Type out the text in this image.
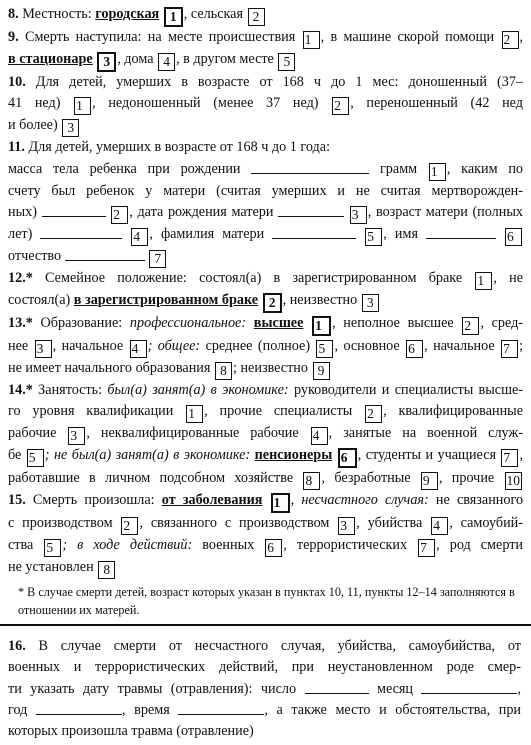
8. Местность: городская 1 , сельская 2

9. Смерть наступила: на месте происшествия 1 , в машине скорой помощи 2 ,
в стационаре 3 , дома 4 , в другом месте 5

10. Для детей, умерших в возрасте от 168 ч до 1 мес: доношенный (37–
41 нед) 1 , недоношенный (менее 37 нед) 2 , переношенный (42 нед
и более) 3

11. Для детей, умерших в возрасте от 168 ч до 1 года:
масса тела ребенка при рождении	грамм 1 , каким по
счету был ребенок у матери (считая умерших и не считая мертворожден-
ных)	2 , дата рождения матери	3 , возраст матери (полных
лет)	4 , фамилия матери	5 , имя	6
отчество	7

12.* Семейное положение: состоял(а) в зарегистрированном браке 1 , не
состоял(а) в зарегистрированном браке 2 , неизвестно 3

13.* Образование: профессиональное: высшее 1 , неполное высшее 2 , сред-
нее 3 , начальное 4 ; общее: среднее (полное) 5 , основное 6 , начальное 7 ;
не имеет начального образования 8 ; неизвестно 9

14.* Занятость: был(а) занят(а) в экономике: руководители и специалисты высше-
го уровня квалификации 1 , прочие специалисты 2 , квалифицированные
рабочие 3 , неквалифицированные рабочие 4 , занятые на военной служ-
бе 5 ; не был(а) занят(а) в экономике: пенсионеры 6 , студенты и учащиеся 7 ,
работавшие в личном подсобном хозяйстве 8 , безработные 9 , прочие 10

15. Смерть произошла: от заболевания 1 , несчастного случая: не связанного
с производством 2 , связанного с производством 3 , убийства 4 , самоубий-
ства 5 ; в ходе действий: военных 6 , террористических 7 , род смерти
не установлен 8

* В случае смерти детей, возраст которых указан в пунктах 10, 11, пункты 12–14 заполняются в отношении их матерей.

16. В случае смерти от несчастного случая, убийства, самоубийства, от
военных и террористических действий, при неустановленном роде смер-
ти указать дату травмы (отравления): число	месяц	,
год	, время	, а также место и обстоятельства, при
которых произошла травма (отравление)
